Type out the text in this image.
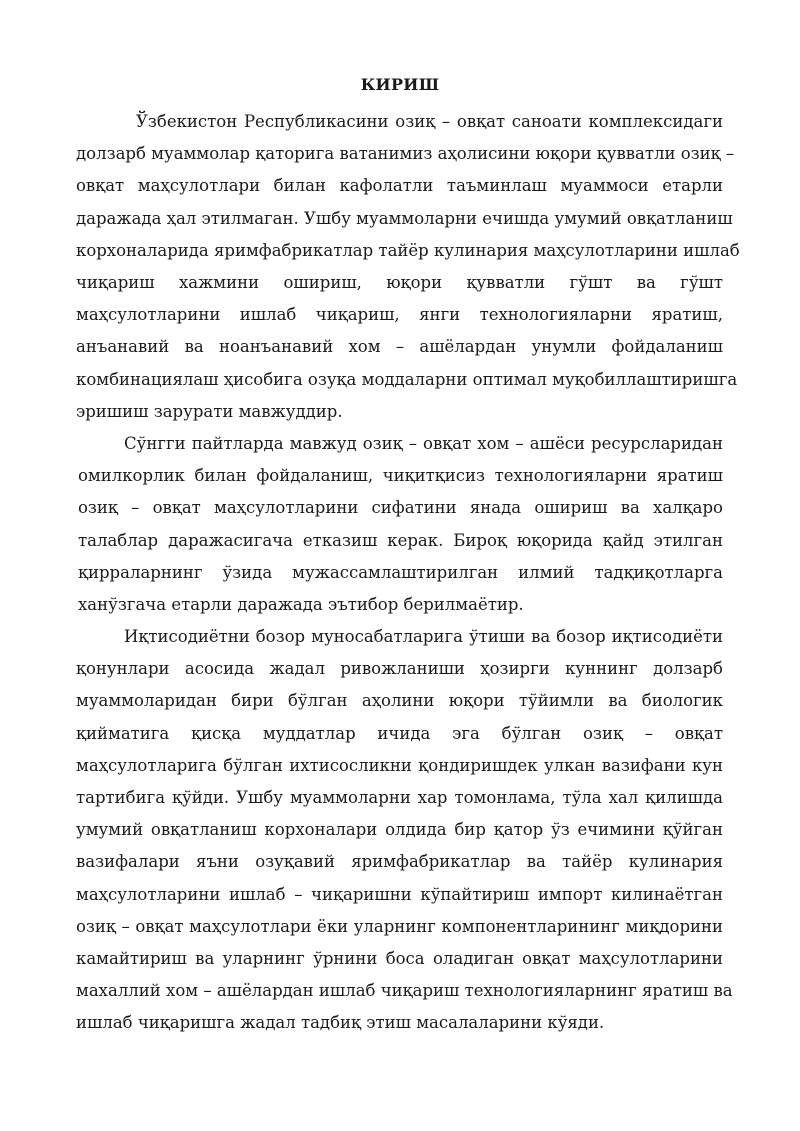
КИРИШ

Ўзбекистон Республикасини озиқ – овқат саноати комплексидаги

долзарб муаммолар қаторига ватанимиз аҳолисини юқори қувватли озиқ –

овқат маҳсулотлари билан кафолатли таъминлаш муаммоси етарли

даражада ҳал этилмаган. Ушбу муаммоларни ечишда умумий овқатланиш

корхоналарида яримфабрикатлар тайёр кулинария маҳсулотларини ишлаб

чиқариш хажмини ошириш, юқори қувватли гўшт ва гўшт

маҳсулотларини ишлаб чиқариш, янги технологияларни яратиш,

анъанавий ва ноанъанавий хом – ашёлардан унумли фойдаланиш

комбинациялаш ҳисобига озуқа моддаларни оптимал муқобиллаштиришга

эришиш зарурати мавжуддир.

Сўнгги пайтларда мавжуд озиқ – овқат хом – ашёси ресурсларидан

омилкорлик билан фойдаланиш, чиқитқисиз технологияларни яратиш

озиқ – овқат маҳсулотларини сифатини янада ошириш ва халқаро

талаблар даражасигача етказиш керак. Бироқ юқорида қайд этилган

қирраларнинг ўзида мужассамлаштирилган илмий тадқиқотларга

ханўзгача етарли даражада эътибор берилмаётир.

Иқтисодиётни бозор муносабатларига ўтиши ва бозор иқтисодиёти

қонунлари асосида жадал ривожланиши ҳозирги куннинг долзарб

муаммоларидан бири бўлган аҳолини юқори тўйимли ва биологик

қийматига қисқа муддатлар ичида эга бўлган озиқ – овқат

маҳсулотларига бўлган ихтисосликни қондиришдек улкан вазифани кун

тартибига қўйди. Ушбу муаммоларни хар томонлама, тўла хал қилишда

умумий овқатланиш корхоналари олдида бир қатор ўз ечимини қўйган

вазифалари яъни озуқавий яримфабрикатлар ва тайёр кулинария

маҳсулотларини ишлаб – чиқаришни кўпайтириш импорт килинаётган

озиқ – овқат маҳсулотлари ёки уларнинг компонентларининг миқдорини

камайтириш ва уларнинг ўрнини боса оладиган овқат маҳсулотларини

махаллий хом – ашёлардан ишлаб чиқариш технологияларнинг яратиш ва

ишлаб чиқаришга жадал тадбиқ этиш масалаларини кўяди.
